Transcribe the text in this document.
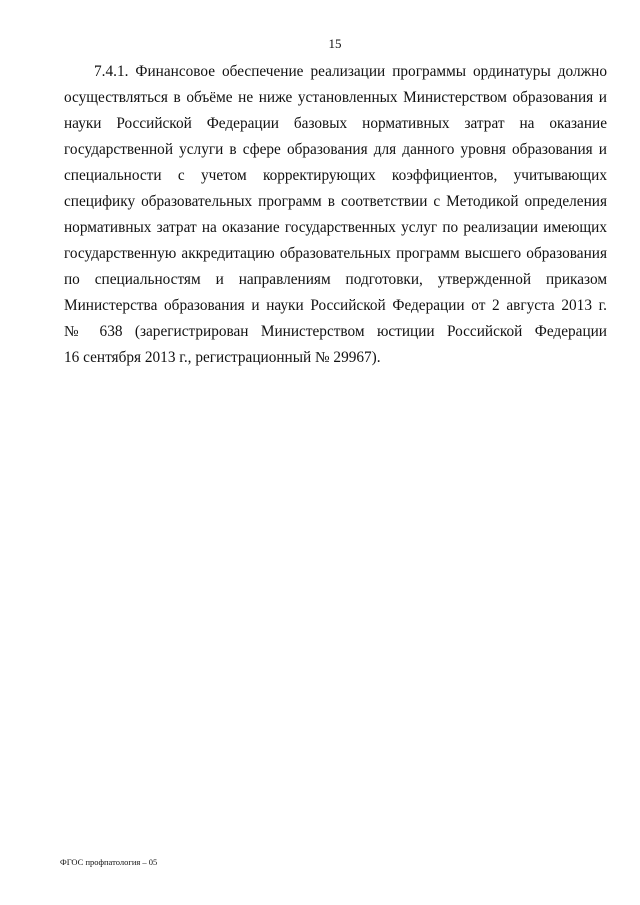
15
7.4.1. Финансовое обеспечение реализации программы ординатуры должно
осуществляться в объёме не ниже установленных Министерством образования и
науки Российской Федерации базовых нормативных затрат на оказание
государственной услуги в сфере образования для данного уровня образования и
специальности с учетом корректирующих коэффициентов, учитывающих
специфику образовательных программ в соответствии с Методикой определения
нормативных затрат на оказание государственных услуг по реализации имеющих
государственную аккредитацию образовательных программ высшего образования
по специальностям и направлениям подготовки, утвержденной приказом
Министерства образования и науки Российской Федерации от 2 августа 2013 г.
№ 638 (зарегистрирован Министерством юстиции Российской Федерации
16 сентября 2013 г., регистрационный № 29967).
ФГОС профпатология – 05
